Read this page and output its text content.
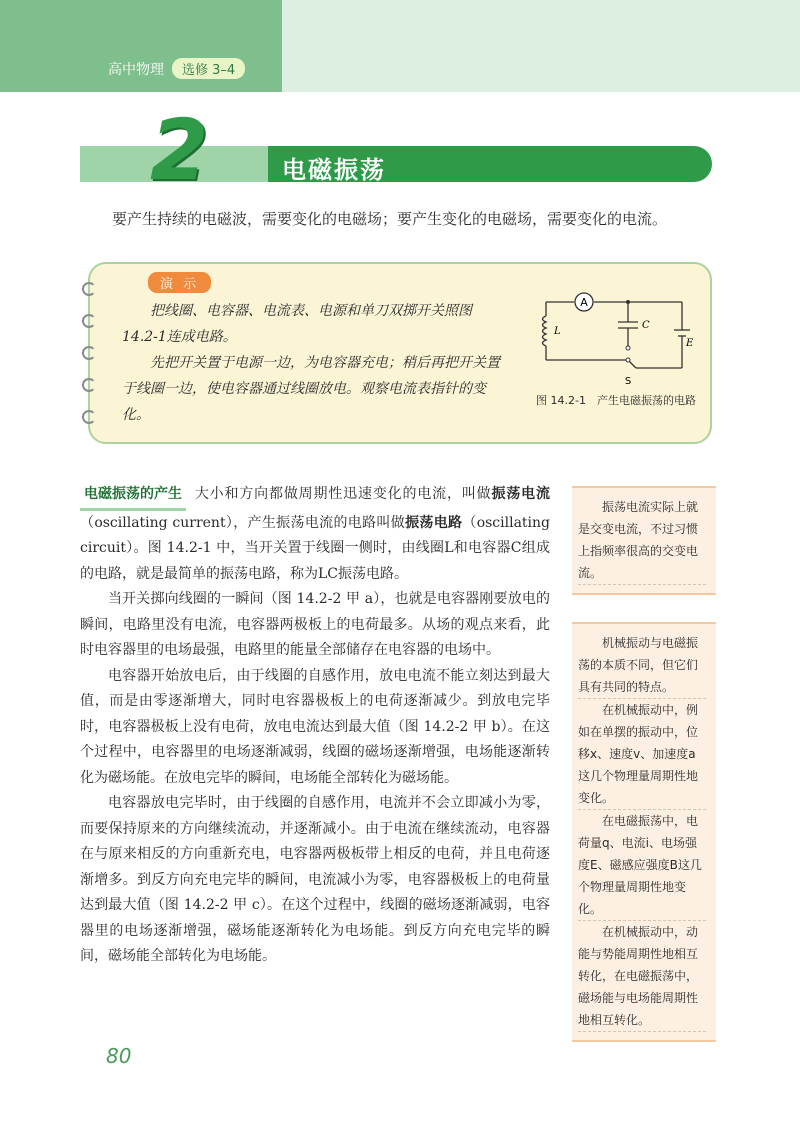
高中物理	选修 3–4
2	电磁振荡
要产生持续的电磁波，需要变化的电磁场；要产生变化的电磁场，需要变化的电流。
演 示

把线圈、电容器、电流表、电源和单刀双掷开关照图14.2-1连成电路。

先把开关置于电源一边，为电容器充电；稍后再把开关置于线圈一边，使电容器通过线圈放电。观察电流表指针的变化。

A
L
C
E
S
图 14.2-1　产生电磁振荡的电路

电磁振荡的产生 大小和方向都做周期性迅速变化的电流，叫做振荡电流（oscillating current），产生振荡电流的电路叫做振荡电路（oscillating circuit）。图 14.2-1 中，当开关置于线圈一侧时，由线圈L和电容器C组成的电路，就是最简单的振荡电路，称为LC振荡电路。

当开关掷向线圈的一瞬间（图 14.2-2 甲 a），也就是电容器刚要放电的瞬间，电路里没有电流，电容器两极板上的电荷最多。从场的观点来看，此时电容器里的电场最强，电路里的能量全部储存在电容器的电场中。

电容器开始放电后，由于线圈的自感作用，放电电流不能立刻达到最大值，而是由零逐渐增大，同时电容器极板上的电荷逐渐减少。到放电完毕时，电容器极板上没有电荷，放电电流达到最大值（图 14.2-2 甲 b）。在这个过程中，电容器里的电场逐渐减弱，线圈的磁场逐渐增强，电场能逐渐转化为磁场能。在放电完毕的瞬间，电场能全部转化为磁场能。

电容器放电完毕时，由于线圈的自感作用，电流并不会立即减小为零，而要保持原来的方向继续流动，并逐渐减小。由于电流在继续流动，电容器在与原来相反的方向重新充电，电容器两极板带上相反的电荷，并且电荷逐渐增多。到反方向充电完毕的瞬间，电流减小为零，电容器极板上的电荷量达到最大值（图 14.2-2 甲 c）。在这个过程中，线圈的磁场逐渐减弱，电容器里的电场逐渐增强，磁场能逐渐转化为电场能。到反方向充电完毕的瞬间，磁场能全部转化为电场能。

振荡电流实际上就是交变电流，不过习惯上指频率很高的交变电流。

机械振动与电磁振荡的本质不同，但它们具有共同的特点。

在机械振动中，例如在单摆的振动中，位移x、速度v、加速度a这几个物理量周期性地变化。

在电磁振荡中，电荷量q、电流i、电场强度E、磁感应强度B这几个物理量周期性地变化。

在机械振动中，动能与势能周期性地相互转化，在电磁振荡中，磁场能与电场能周期性地相互转化。

80
